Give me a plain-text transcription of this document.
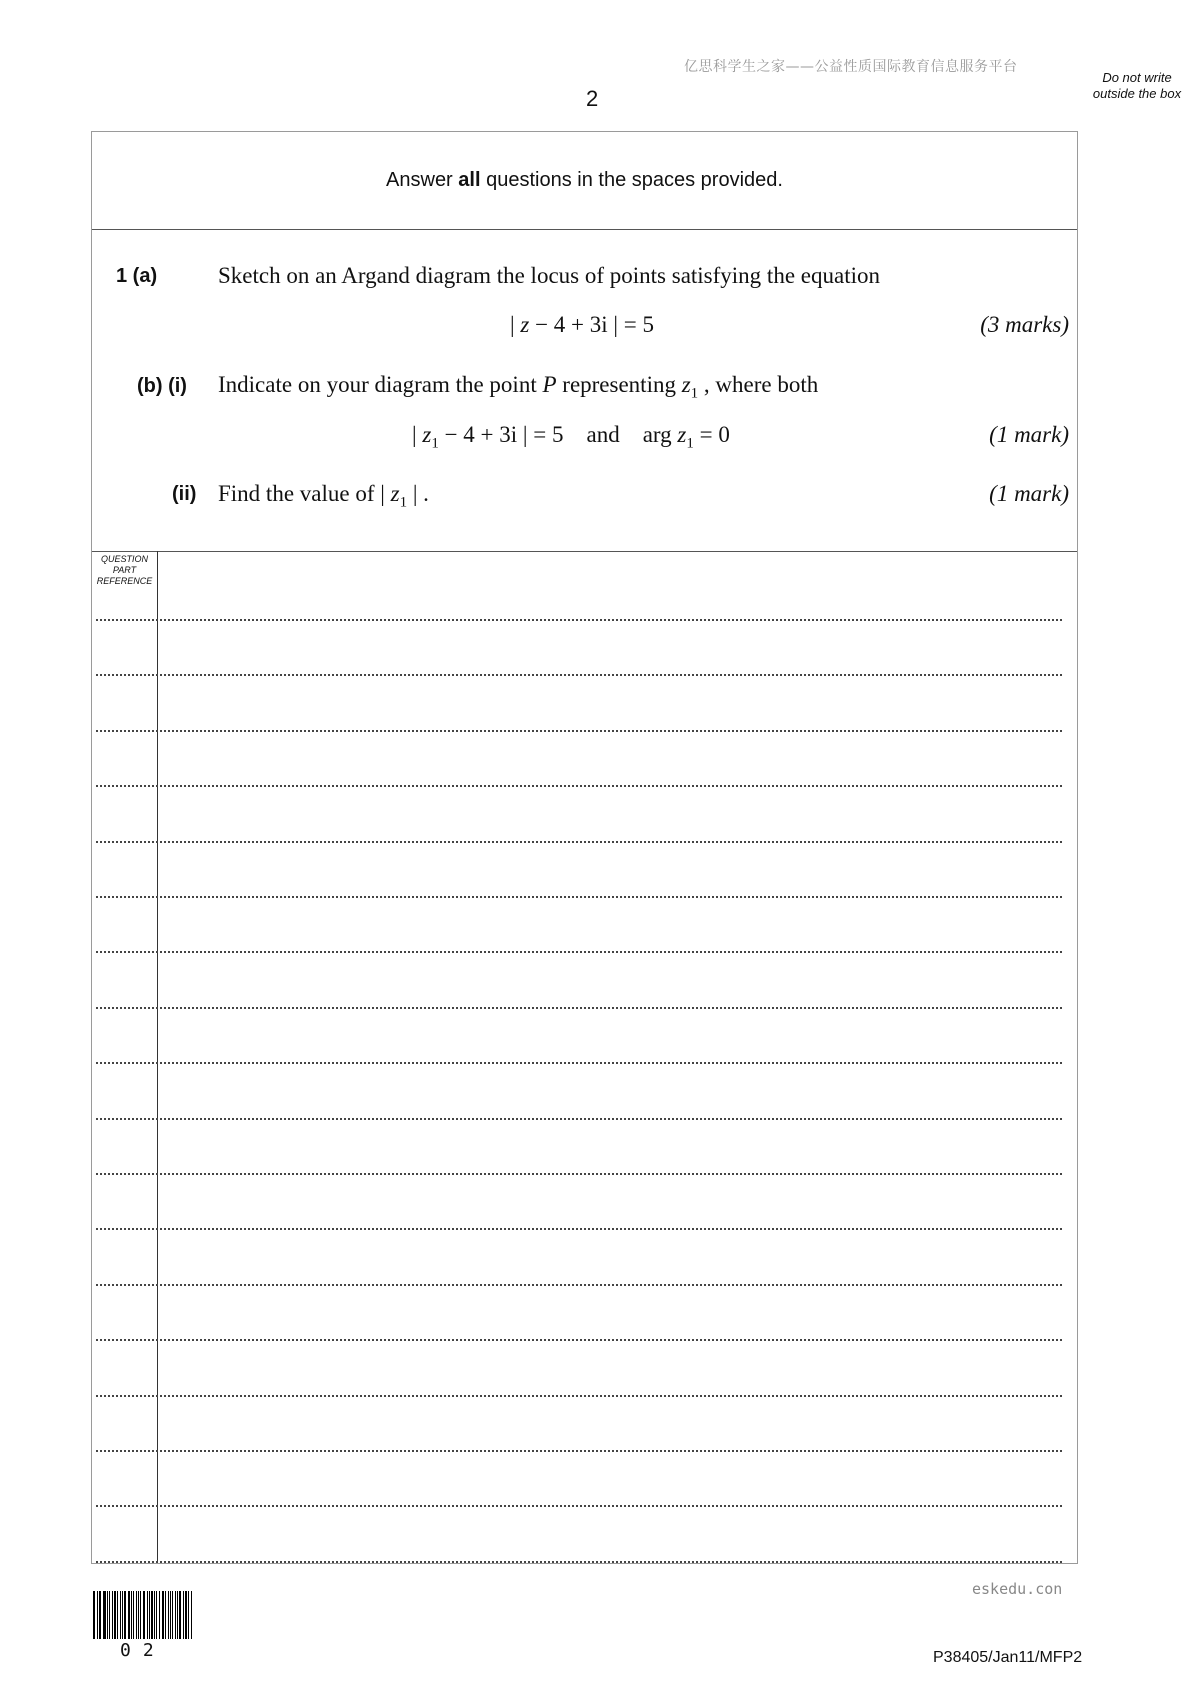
亿思科学生之家——公益性质国际教育信息服务平台
2
Do not write outside the box
Answer all questions in the spaces provided.
1 (a)	Sketch on an Argand diagram the locus of points satisfying the equation
| z − 4 + 3i | = 5	(3 marks)
(b) (i) Indicate on your diagram the point P representing $z_1$ , where both
| $z_1 - 4 + 3i$ | = 5    and    arg $z_1 = 0$	(1 mark)
(ii) Find the value of | $z_1$ | .	(1 mark)
QUESTION PART REFERENCE
eskedu.con
02	P38405/Jan11/MFP2
